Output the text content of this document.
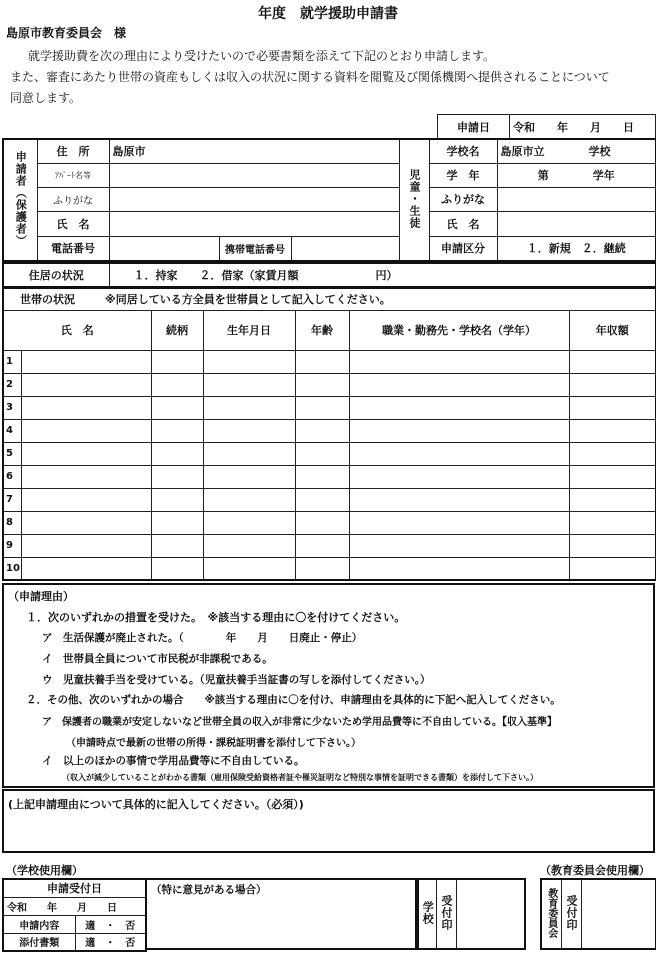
年度　就学援助申請書
島原市教育委員会　様
就学援助費を次の理由により受けたいので必要書類を添えて下記のとおり申請します。
また、審査にあたり世帯の資産もしくは収入の状況に関する資料を閲覧及び関係機関へ提供されることについて
同意します。
申請日	令和　　年　　月　　日
申請者（保護者）	住　所	島原市			児童・生徒	学校名	島原市立　　　　学校
	ｱﾊﾟｰﾄ名等					学　年	第　　　　学年
	ふりがな					ふりがな	
	氏　名					氏　名	
	電話番号		携帯電話番号			申請区分	１．新規　２．継続
住居の状況	１．持家　　２．借家（家賃月額　　　　　　　円）
世帯の状況 ※同居している方全員を世帯員として記入してください。						
氏　名		続柄	生年月日	年齢	職業・勤務先・学校名（学年）	年収額
1						
2						
3						
4						
5						
6						
7						
8						
9						
10						
（申請理由）
１．次のいずれかの措置を受けた。　※該当する理由に〇を付けてください。
ア　生活保護が廃止された。（　　　　年　　月　　日廃止・停止）
イ　世帯員全員について市民税が非課税である。
ウ　児童扶養手当を受けている。（児童扶養手当証書の写しを添付してください。）
２．その他、次のいずれかの場合　　※該当する理由に〇を付け、申請理由を具体的に下記へ記入してください。
ア　保護者の職業が安定しないなど世帯全員の収入が非常に少ないため学用品費等に不自由している。【収入基準】
（申請時点で最新の世帯の所得・課税証明書を添付して下さい。）
イ　以上のほかの事情で学用品費等に不自由している。
（収入が減少していることがわかる書類（雇用保険受給資格者証や罹災証明など特別な事情を証明できる書類）を添付して下さい。）
(上記申請理由について具体的に記入してください。（必須）)
（学校使用欄）	（教育委員会使用欄）
申請受付日	
令和　　年　　月　　日	
申請内容	適　・　否
添付書類	適　・　否
（特に意見がある場合）
学校	受付印		教育委員会	受付印	
